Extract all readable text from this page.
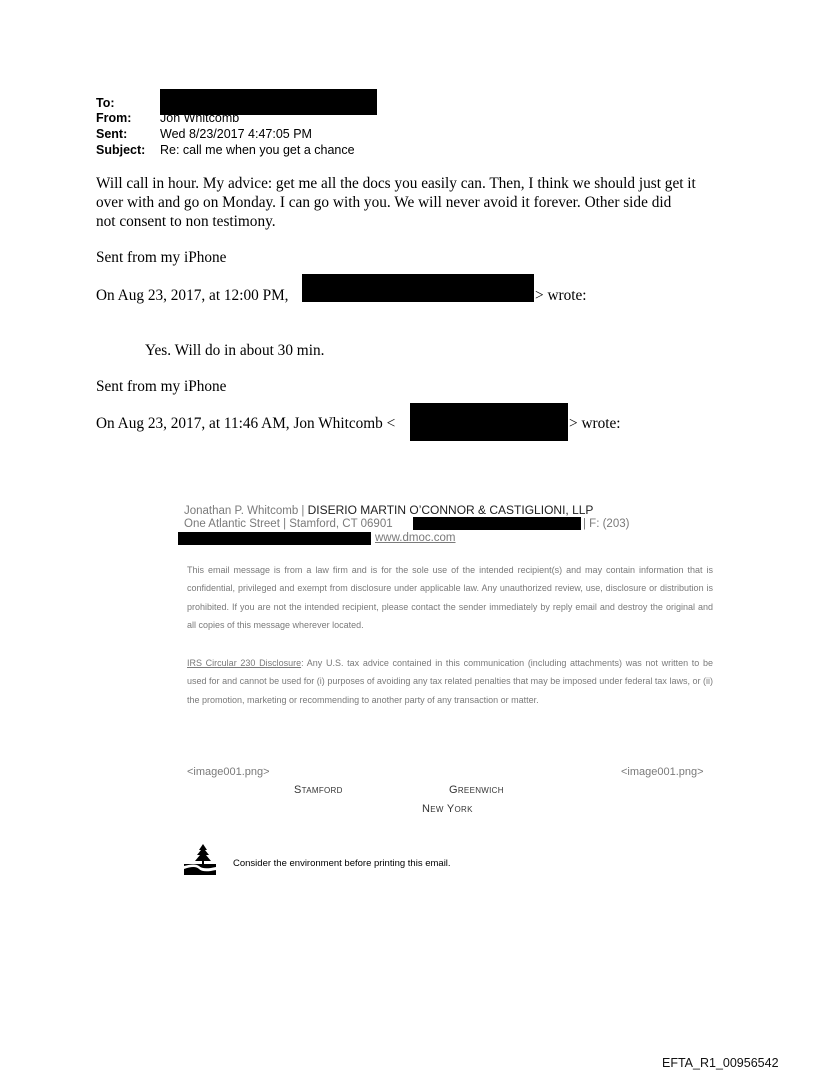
To:
From: Jon Whitcomb
Sent:	Wed 8/23/2017 4:47:05 PM
Subject: Re: call me when you get a chance
Will call in hour. My advice: get me all the docs you easily can. Then, I think we should just get it
over with and go on Monday. I can go with you. We will never avoid it forever. Other side did
not consent to non testimony.
Sent from my iPhone
On Aug 23, 2017, at 12:00 PM,	> wrote:
Yes. Will do in about 30 min.
Sent from my iPhone
On Aug 23, 2017, at 11:46 AM, Jon Whitcomb <	> wrote:
Jonathan P. Whitcomb | DISERIO MARTIN O’CONNOR & CASTIGLIONI, LLP
One Atlantic Street | Stamford, CT 06901	| F: (203)
www.dmoc.com
This email message is from a law firm and is for the sole use of the intended recipient(s) and may contain information that is confidential, privileged and exempt from disclosure under applicable law. Any unauthorized review, use, disclosure or distribution is prohibited. If you are not the intended recipient, please contact the sender immediately by reply email and destroy the original and all copies of this message wherever located.
IRS Circular 230 Disclosure: Any U.S. tax advice contained in this communication (including attachments) was not written to be used for and cannot be used for (i) purposes of avoiding any tax related penalties that may be imposed under federal tax laws, or (ii) the promotion, marketing or recommending to another party of any transaction or matter.
<image001.png>	<image001.png>
Stamford	Greenwich
New York
Consider the environment before printing this email.
EFTA_R1_00956542
